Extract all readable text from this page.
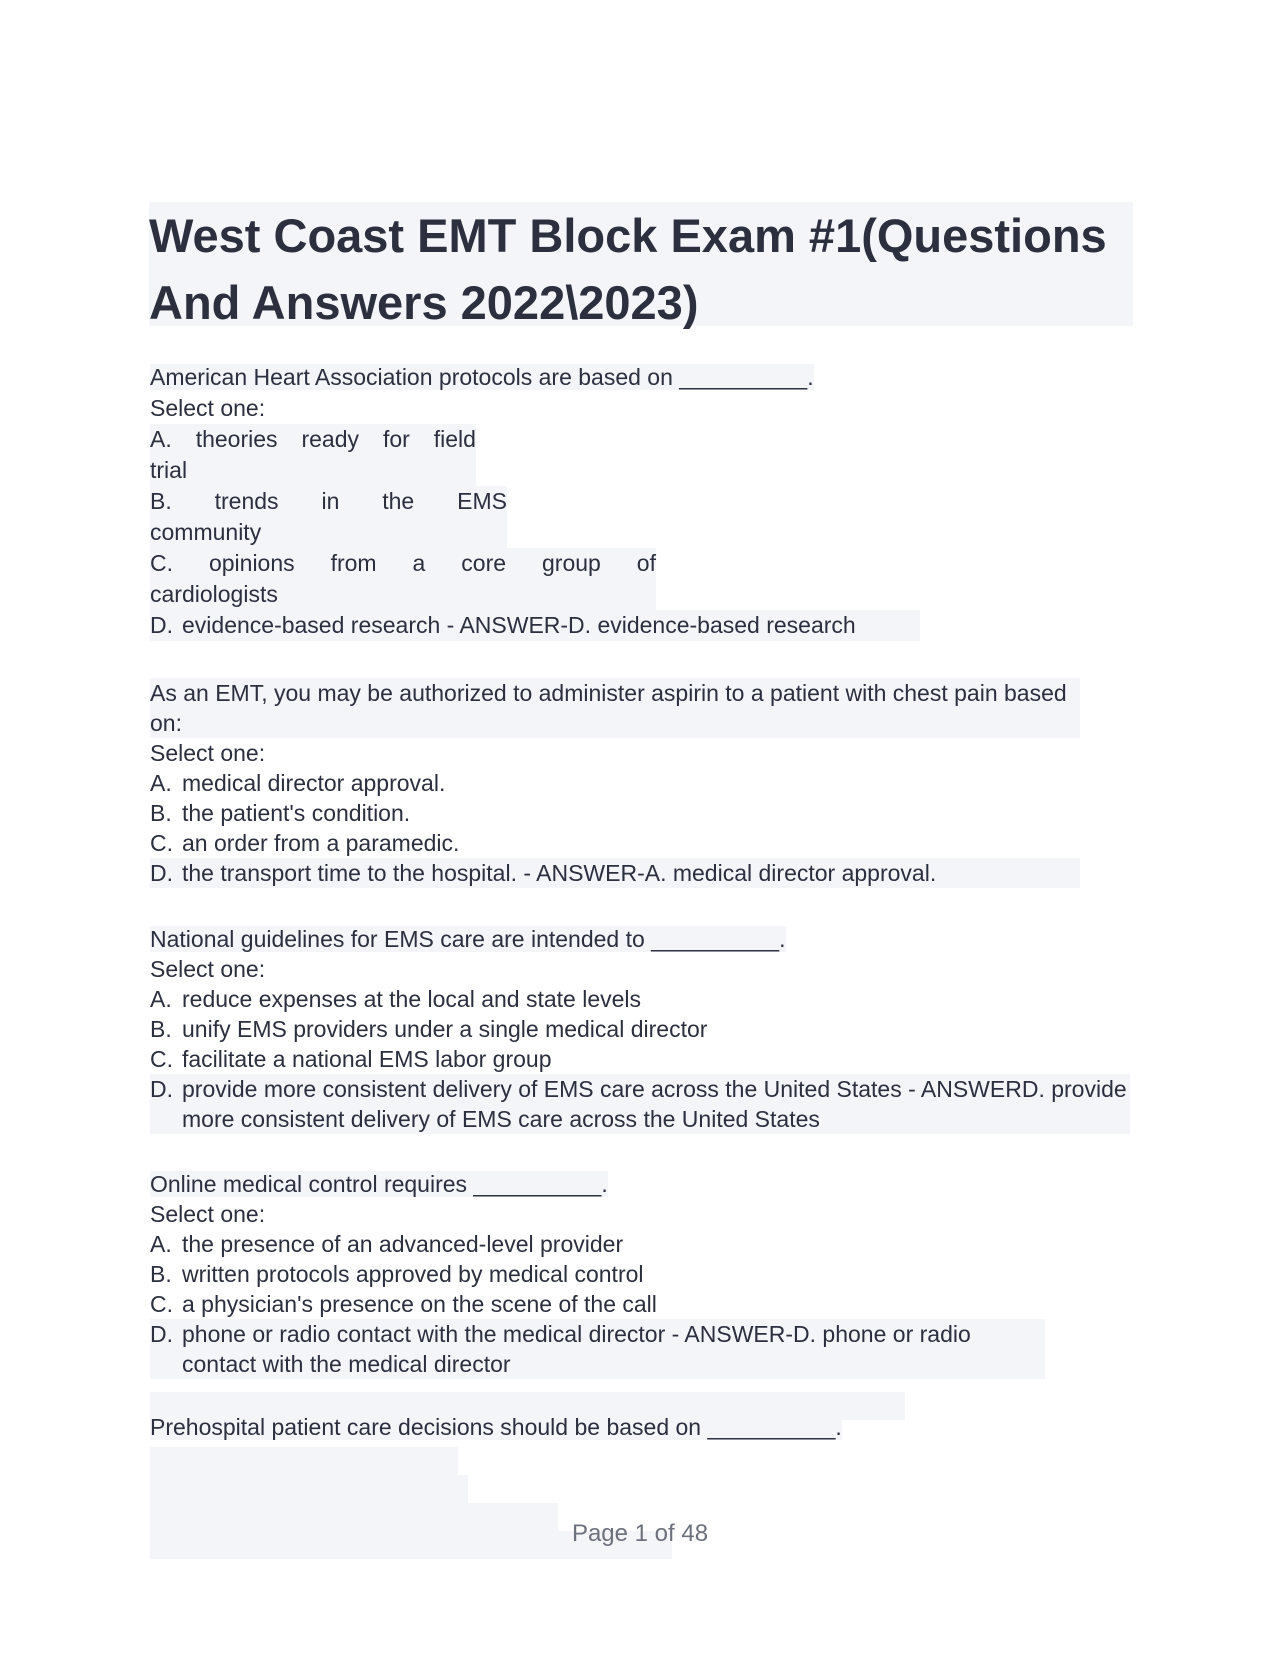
West Coast EMT Block Exam #1(Questions And Answers 2022\2023)
American Heart Association protocols are based on __________.
Select one:
A. theories ready for field
trial
B. trends in the EMS
community
C. opinions from a core group of
cardiologists
D. evidence-based research - ANSWER-D. evidence-based research
As an EMT, you may be authorized to administer aspirin to a patient with chest pain based on:
Select one:
A. medical director approval.
B. the patient's condition.
C. an order from a paramedic.
D. the transport time to the hospital. - ANSWER-A. medical director approval.
National guidelines for EMS care are intended to __________.
Select one:
A. reduce expenses at the local and state levels
B. unify EMS providers under a single medical director
C. facilitate a national EMS labor group
D. provide more consistent delivery of EMS care across the United States - ANSWERD. provide more consistent delivery of EMS care across the United States
Online medical control requires __________.
Select one:
A. the presence of an advanced-level provider
B. written protocols approved by medical control
C. a physician's presence on the scene of the call
D. phone or radio contact with the medical director - ANSWER-D. phone or radio contact with the medical director
Prehospital patient care decisions should be based on __________.
Page 1 of 48
